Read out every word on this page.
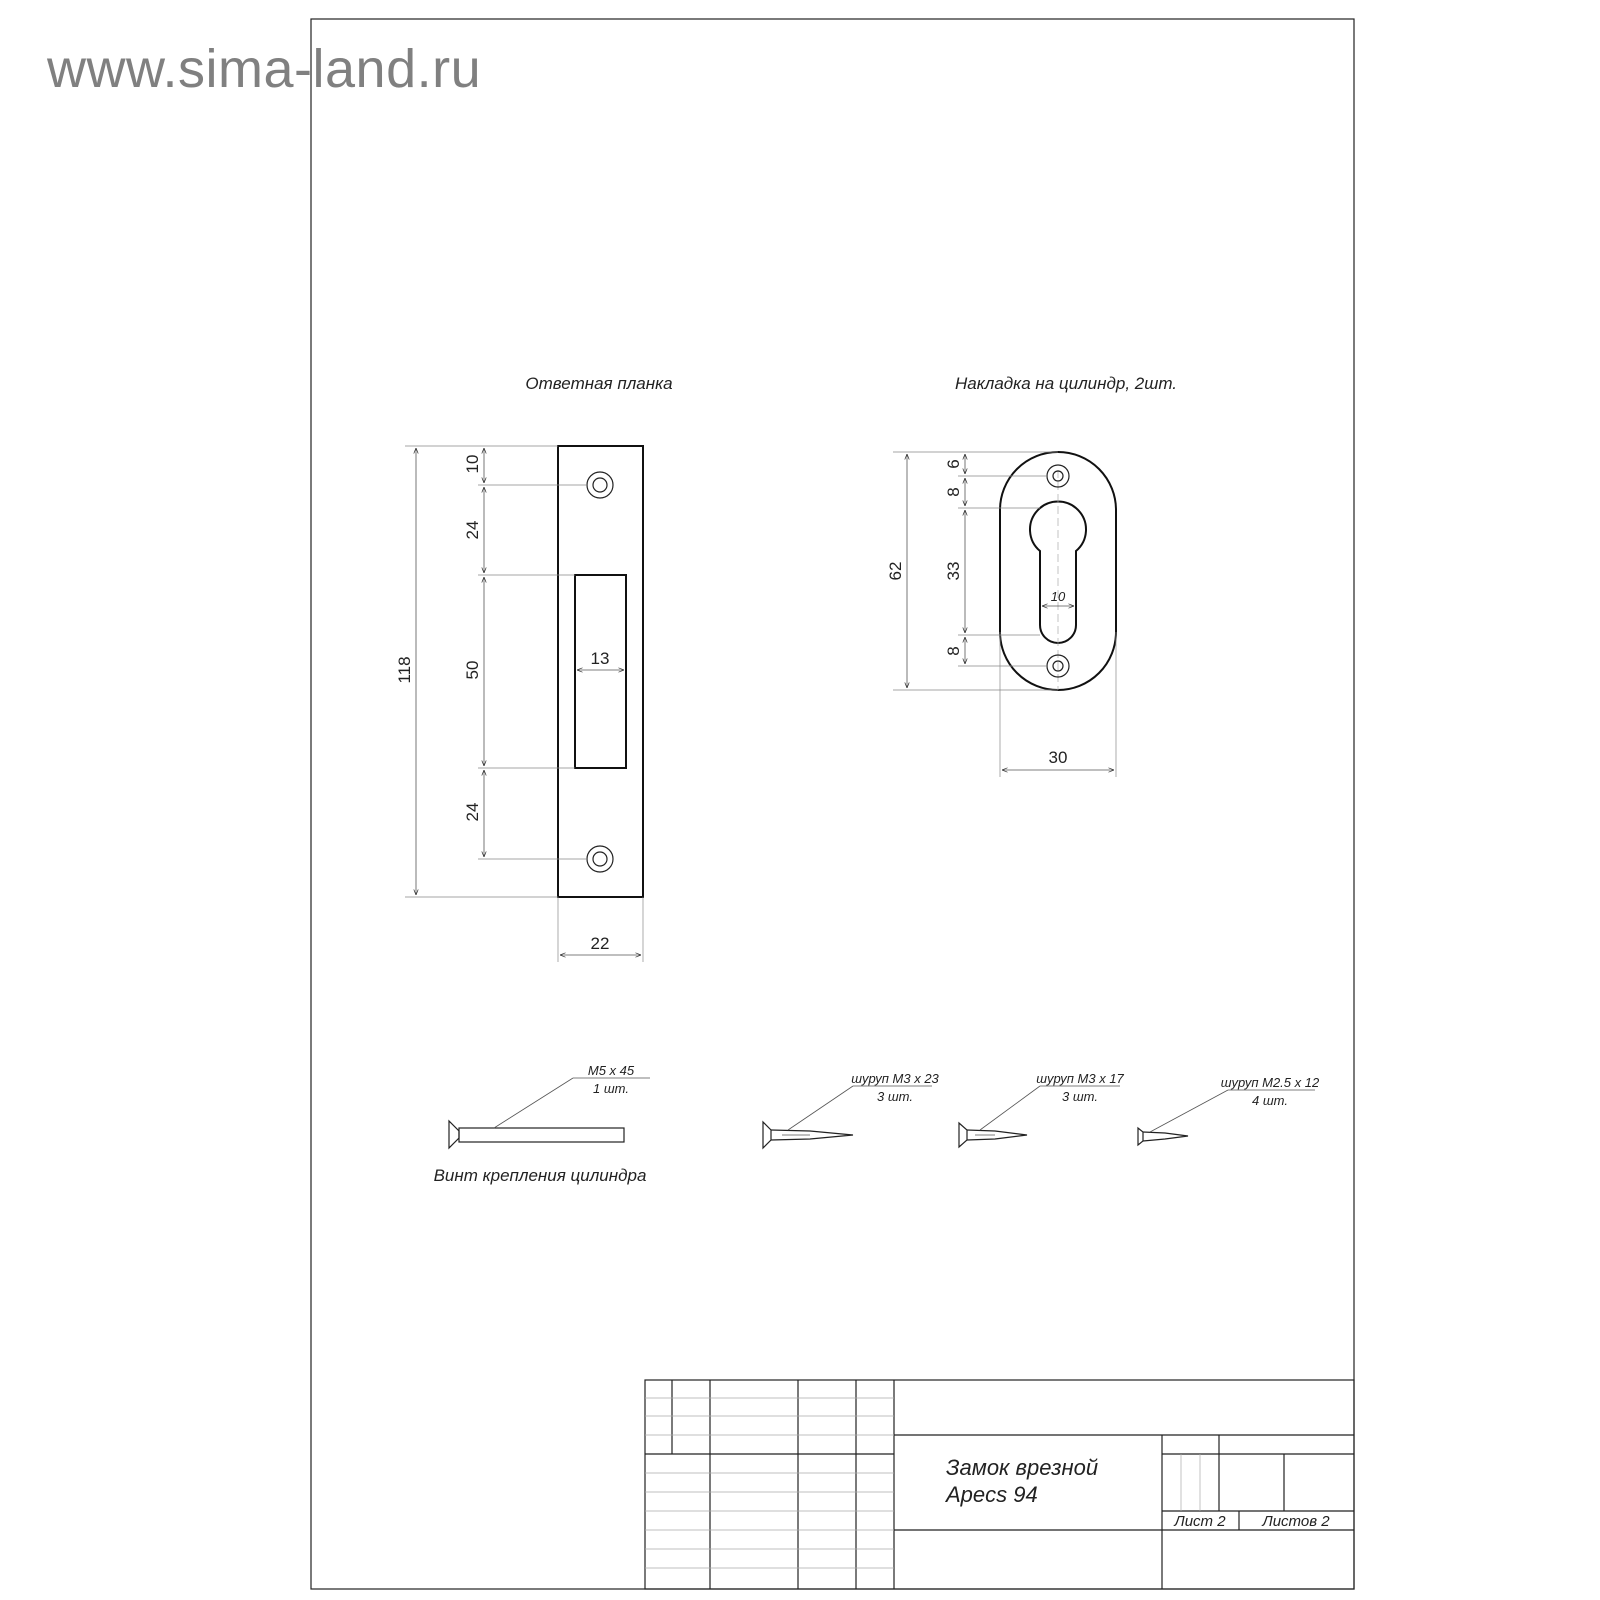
www.sima-land.ru
Ответная планка
118
10
24
50
24
13
22
Накладка на цилиндр, 2шт.
62
6
8
33
8
10
30
M5 x 45
1 шт.
Винт крепления цилиндра
шуруп М3 х 23
3 шт.
шуруп М3 х 17
3 шт.
шуруп М2.5 х 12
4 шт.
Замок врезной
Apecs 94
Лист 2 Листов 2
